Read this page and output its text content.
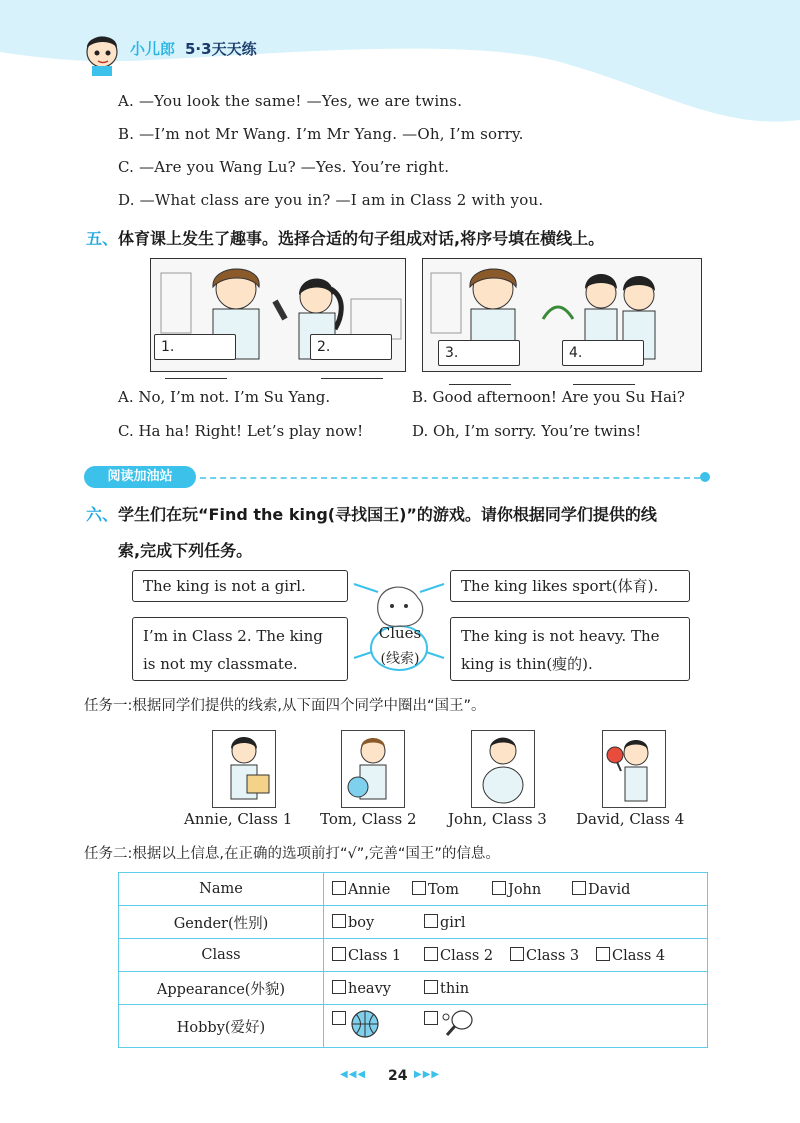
小儿郎 5·3天天练
A. —You look the same! —Yes, we are twins.
B. —I’m not Mr Wang. I’m Mr Yang. —Oh, I’m sorry.
C. —Are you Wang Lu? —Yes. You’re right.
D. —What class are you in? —I am in Class 2 with you.
五、体育课上发生了趣事。选择合适的句子组成对话,将序号填在横线上。
1.	2.	3.	4.
A. No, I’m not. I’m Su Yang.	B. Good afternoon! Are you Su Hai?
C. Ha ha! Right! Let’s play now!	D. Oh, I’m sorry. You’re twins!
阅读加油站
六、学生们在玩“Find the king(寻找国王)”的游戏。请你根据同学们提供的线
索,完成下列任务。
The king is not a girl.	The king likes sport(体育).
I’m in Class 2. The king
is not my classmate.
The king is not heavy. The
king is thin(瘦的).
Clues
(线索)
任务一:根据同学们提供的线索,从下面四个同学中圈出“国王”。
Annie, Class 1 Tom, Class 2 John, Class 3 David, Class 4
任务二:根据以上信息,在正确的选项前打“√”,完善“国王”的信息。
Name	Annie Tom John David
Gender(性别)	boy girl
Class	Class 1 Class 2 Class 3 Class 4
Appearance(外貌)	heavy thin
Hobby(爱好)	
◀◀◀ 24 ▶▶▶
